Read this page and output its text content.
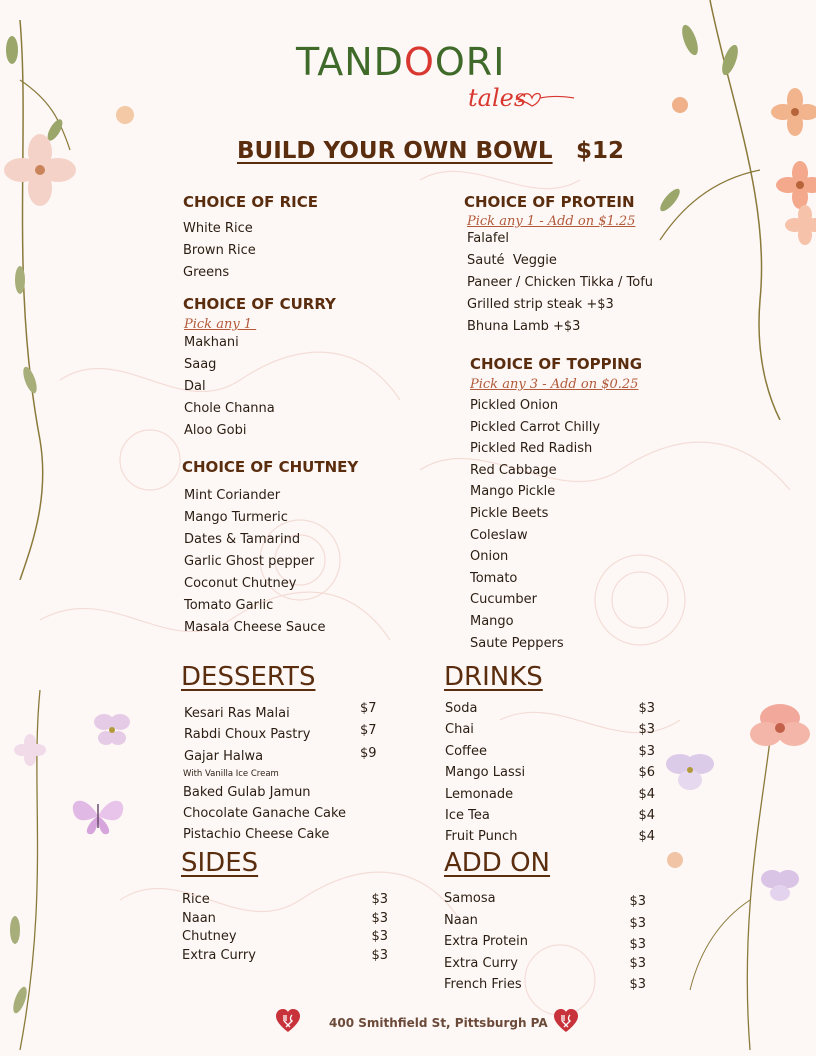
TANDOORI
tales
BUILD YOUR OWN BOWL $12
CHOICE OF RICE
White Rice
Brown Rice
Greens
CHOICE OF CURRY
Pick any 1
Makhani
Saag
Dal
Chole Channa
Aloo Gobi
CHOICE OF CHUTNEY
Mint Coriander
Mango Turmeric
Dates & Tamarind
Garlic Ghost pepper
Coconut Chutney
Tomato Garlic
Masala Cheese Sauce
CHOICE OF PROTEIN
Pick any 1 - Add on $1.25
Falafel
Sauté  Veggie
Paneer / Chicken Tikka / Tofu
Grilled strip steak +$3
Bhuna Lamb +$3
CHOICE OF TOPPING
Pick any 3 - Add on $0.25
Pickled Onion
Pickled Carrot Chilly
Pickled Red Radish
Red Cabbage
Mango Pickle
Pickle Beets
Coleslaw
Onion
Tomato
Cucumber
Mango
Saute Peppers
DESSERTS
Kesari Ras Malai	$7
Rabdi Choux Pastry	$7
Gajar Halwa	$9
With Vanilla Ice Cream
Baked Gulab Jamun
Chocolate Ganache Cake
Pistachio Cheese Cake
DRINKS
Soda	$3
Chai	$3
Coffee	$3
Mango Lassi	$6
Lemonade	$4
Ice Tea	$4
Fruit Punch	$4
SIDES
Rice	$3
Naan	$3
Chutney	$3
Extra Curry	$3
ADD ON
Samosa	$3
Naan	$3
Extra Protein	$3
Extra Curry	$3
French Fries	$3
400 Smithfield St, Pittsburgh PA
